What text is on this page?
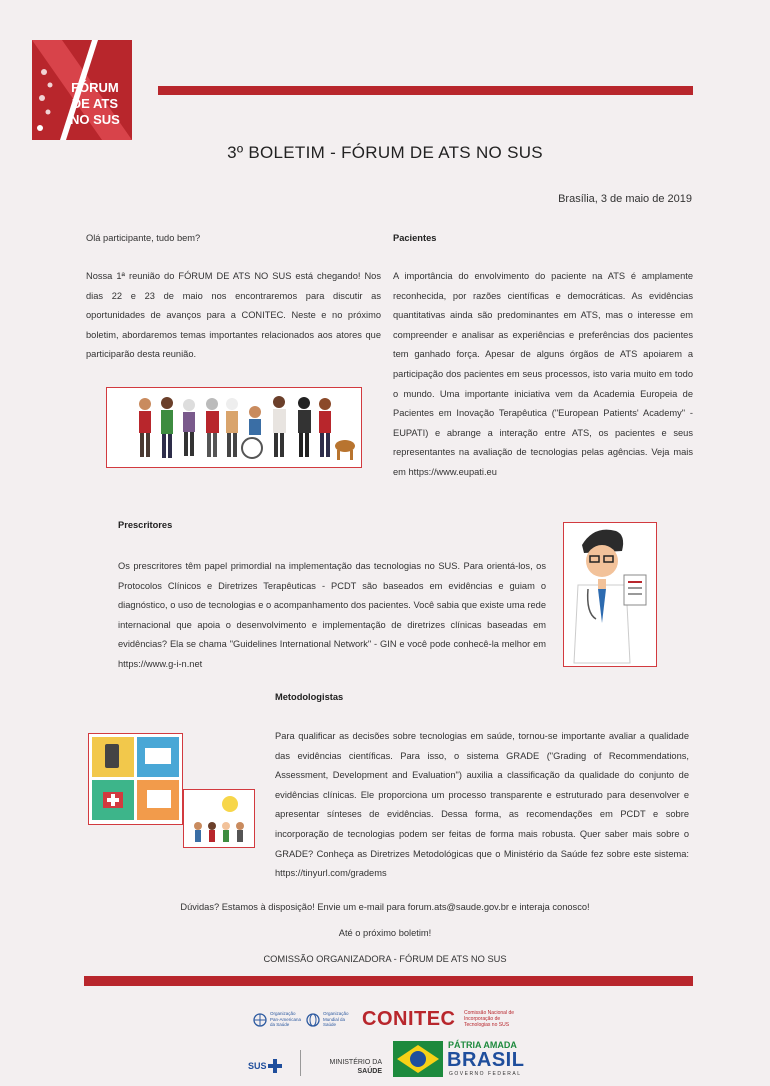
FÓRUM
DE ATS
NO SUS
3º BOLETIM - FÓRUM DE ATS NO SUS
Brasília, 3 de maio de 2019
Olá participante, tudo bem?
Nossa 1ª reunião do FÓRUM DE ATS NO SUS está chegando! Nos dias 22 e 23 de maio nos encontraremos para discutir as oportunidades de avanços para a CONITEC. Neste e no próximo boletim, abordaremos temas importantes relacionados aos atores que participarão desta reunião.
Pacientes
A importância do envolvimento do paciente na ATS é amplamente reconhecida, por razões científicas e democráticas. As evidências quantitativas ainda são predominantes em ATS, mas o interesse em compreender e analisar as experiências e preferências dos pacientes tem ganhado força. Apesar de alguns órgãos de ATS apoiarem a participação dos pacientes em seus processos, isto varia muito em todo o mundo. Uma importante iniciativa vem da Academia Europeia de Pacientes em Inovação Terapêutica ("European Patients' Academy" - EUPATI) e abrange a interação entre ATS, os pacientes e seus representantes na avaliação de tecnologias pelas agências. Veja mais em https://www.eupati.eu
Prescritores
Os prescritores têm papel primordial na implementação das tecnologias no SUS. Para orientá-los, os Protocolos Clínicos e Diretrizes Terapêuticas - PCDT são baseados em evidências e guiam o diagnóstico, o uso de tecnologias e o acompanhamento dos pacientes. Você sabia que existe uma rede internacional que apoia o desenvolvimento e implementação de diretrizes clínicas baseadas em evidências? Ela se chama "Guidelines International Network" - GIN e você pode conhecê-la melhor em https://www.g-i-n.net
Metodologistas
Para qualificar as decisões sobre tecnologias em saúde, tornou-se importante avaliar a qualidade das evidências científicas. Para isso, o sistema GRADE ("Grading of Recommendations, Assessment, Development and Evaluation") auxilia a classificação da qualidade do conjunto de evidências clínicas. Ele proporciona um processo transparente e estruturado para desenvolver e apresentar sínteses de evidências. Dessa forma, as recomendações em PCDT e sobre incorporação de tecnologias podem ser feitas de forma mais robusta. Quer saber mais sobre o GRADE? Conheça as Diretrizes Metodológicas que o Ministério da Saúde fez sobre este sistema: https://tinyurl.com/gradems
Dúvidas? Estamos à disposição! Envie um e-mail para forum.ats@saude.gov.br e interaja conosco!
Até o próximo boletim!
COMISSÃO ORGANIZADORA - FÓRUM DE ATS NO SUS
Organização Pan-Americana da Saúde
Organização Mundial da Saúde	CONITEC Comissão Nacional de Incorporação de Tecnologias no SUS
SUS	MINISTÉRIO DA
SAÚDE
PÁTRIA AMADA
BRASIL
GOVERNO FEDERAL
